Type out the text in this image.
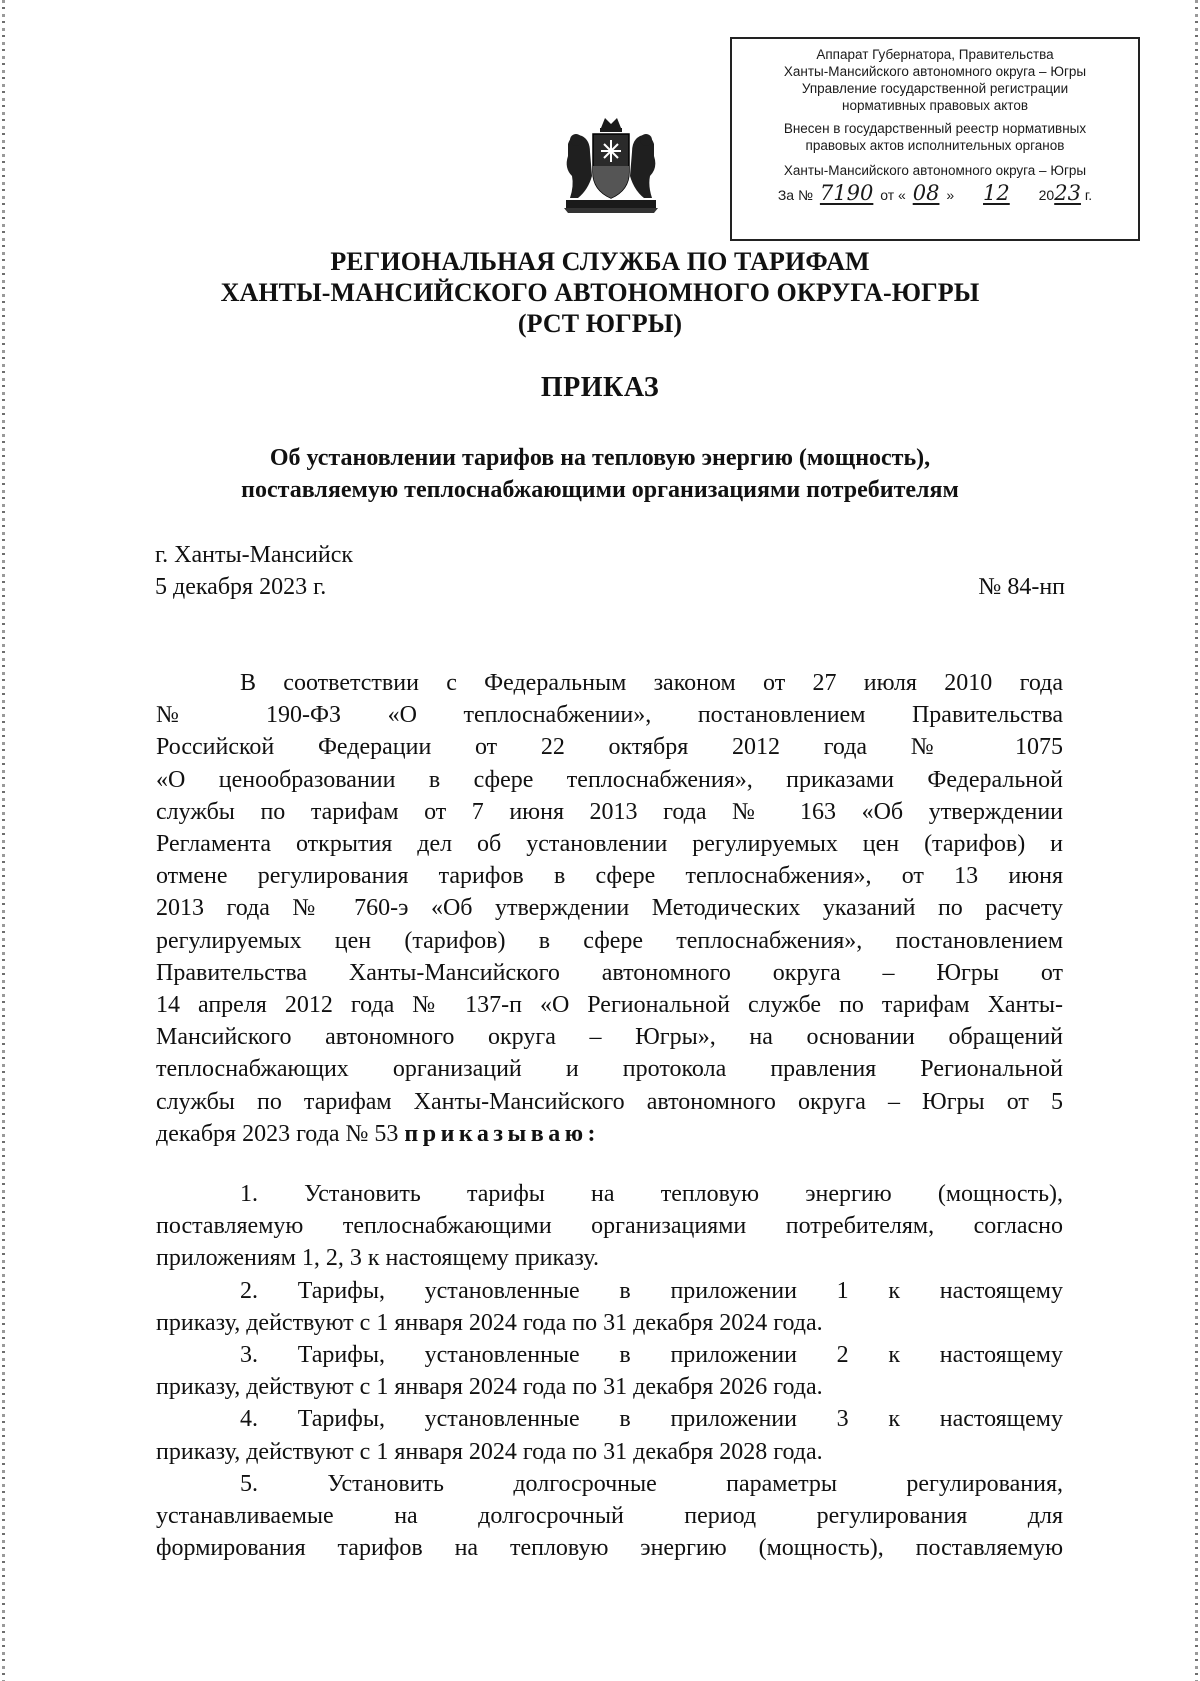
Аппарат Губернатора, Правительства
Ханты-Мансийского автономного округа – Югры
Управление государственной регистрации
нормативных правовых актов
Внесен в государственный реестр нормативных
правовых актов исполнительных органов
Ханты-Мансийского автономного округа – Югры
За № 7190 от « 08 » 12 2023 г.
РЕГИОНАЛЬНАЯ СЛУЖБА ПО ТАРИФАМ
ХАНТЫ-МАНСИЙСКОГО АВТОНОМНОГО ОКРУГА-ЮГРЫ
(РСТ ЮГРЫ)
ПРИКАЗ
Об установлении тарифов на тепловую энергию (мощность),
поставляемую теплоснабжающими организациями потребителям
г. Ханты-Мансийск
5 декабря 2023 г.	№ 84-нп
В соответствии с Федеральным законом от 27 июля 2010 года
№ 190-ФЗ «О теплоснабжении», постановлением Правительства
Российской Федерации от 22 октября 2012 года № 1075
«О ценообразовании в сфере теплоснабжения», приказами Федеральной
службы по тарифам от 7 июня 2013 года № 163 «Об утверждении
Регламента открытия дел об установлении регулируемых цен (тарифов) и
отмене регулирования тарифов в сфере теплоснабжения», от 13 июня
2013 года № 760-э «Об утверждении Методических указаний по расчету
регулируемых цен (тарифов) в сфере теплоснабжения», постановлением
Правительства Ханты-Мансийского автономного округа – Югры от
14 апреля 2012 года № 137-п «О Региональной службе по тарифам Ханты-
Мансийского автономного округа – Югры», на основании обращений
теплоснабжающих организаций и протокола правления Региональной
службы по тарифам Ханты-Мансийского автономного округа – Югры от 5
декабря 2023 года № 53 приказываю:
1. Установить тарифы на тепловую энергию (мощность),
поставляемую теплоснабжающими организациями потребителям, согласно
приложениям 1, 2, 3 к настоящему приказу.
2. Тарифы, установленные в приложении 1 к настоящему
приказу, действуют с 1 января 2024 года по 31 декабря 2024 года.
3. Тарифы, установленные в приложении 2 к настоящему
приказу, действуют с 1 января 2024 года по 31 декабря 2026 года.
4. Тарифы, установленные в приложении 3 к настоящему
приказу, действуют с 1 января 2024 года по 31 декабря 2028 года.
5. Установить долгосрочные параметры регулирования,
устанавливаемые на долгосрочный период регулирования для
формирования тарифов на тепловую энергию (мощность), поставляемую
